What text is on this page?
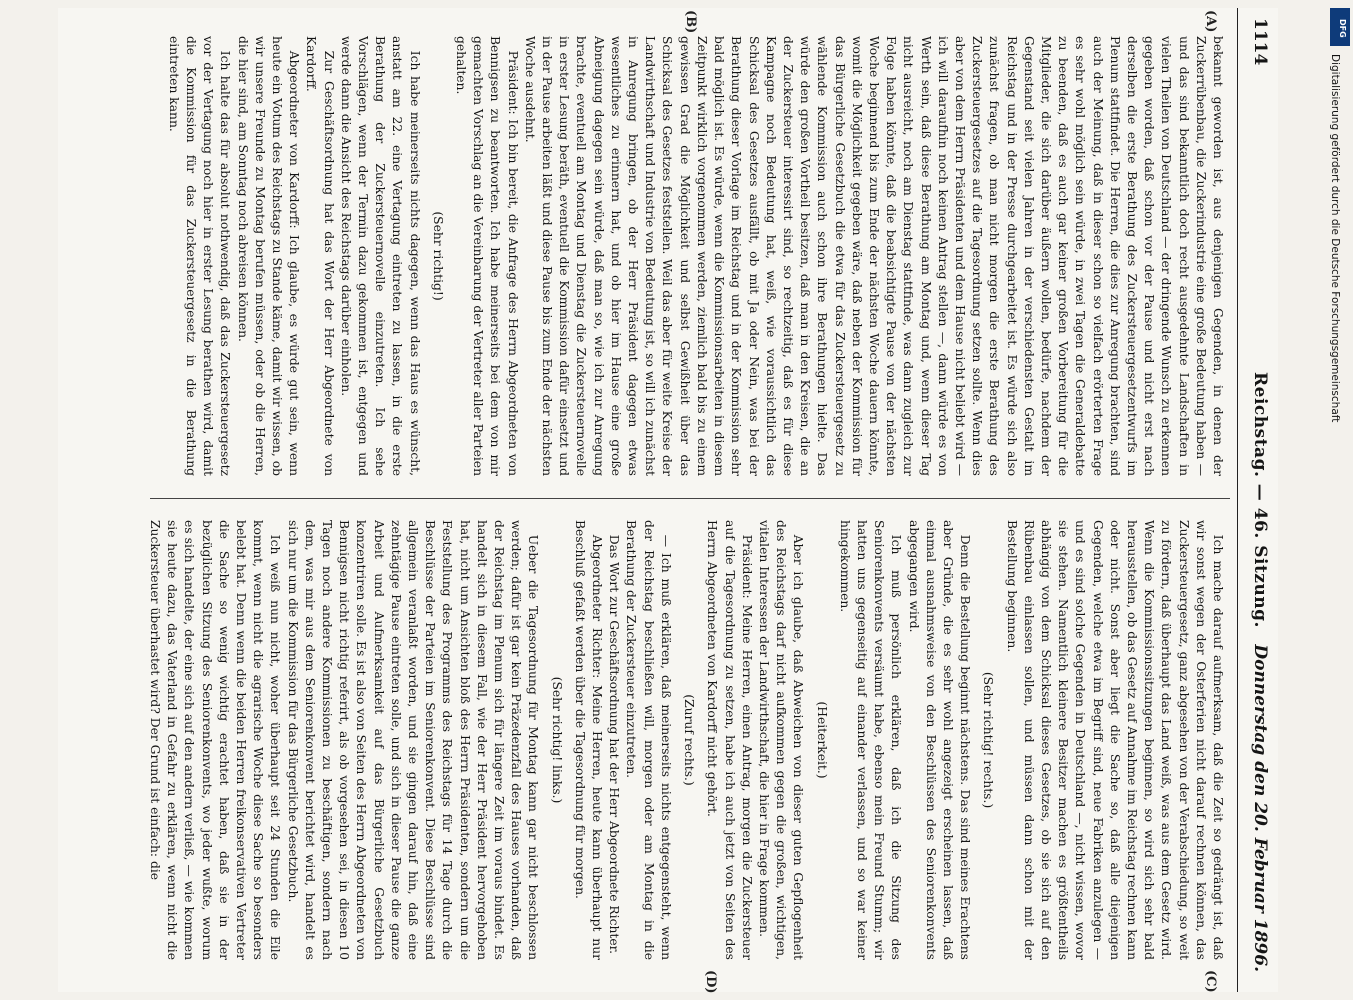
1114
Reichstag. — 46. Sitzung.
Donnerstag den 20. Februar 1896.
(A)
(B)
(C)
(D)

bekannt geworden ist, aus denjenigen Gegenden, in denen der Zuckerrübenbau, die Zuckerindustrie eine große Bedeutung haben — und das sind bekanntlich doch recht ausgedehnte Landschaften in vielen Theilen von Deutschland — der dringende Wunsch zu erkennen gegeben worden, daß schon vor der Pause und nicht erst nach derselben die erste Berathung des Zuckersteuergesetzentwurfs im Plenum stattfindet. Die Herren, die dies zur Anregung brachten, sind auch der Meinung, daß in dieser schon so vielfach erörterten Frage es sehr wohl möglich sein würde, in zwei Tagen die Generaldebatte zu beenden, daß es auch gar keiner großen Vorbereitung für die Mitglieder, die sich darüber äußern wollen, bedürfe, nachdem der Gegenstand seit vielen Jahren in der verschiedensten Gestalt im Reichstag und in der Presse durchgearbeitet ist. Es würde sich also zunächst fragen, ob man nicht morgen die erste Berathung des Zuckersteuergesetzes auf die Tagesordnung setzen sollte. Wenn dies aber von dem Herrn Präsidenten und dem Hause nicht beliebt wird — ich will daraufhin noch keinen Antrag stellen —, dann würde es von Werth sein, daß diese Berathung am Montag und, wenn dieser Tag nicht ausreicht, noch am Dienstag stattfinde, was dann zugleich zur Folge haben könnte, daß die beabsichtigte Pause von der nächsten Woche beginnend bis zum Ende der nächsten Woche dauern könnte, womit die Möglichkeit gegeben wäre, daß neben der Kommission für das Bürgerliche Gesetzbuch die etwa für das Zuckersteuergesetz zu wählende Kommission auch schon ihre Berathungen hielte. Das würde den großen Vortheil besitzen, daß man in den Kreisen, die an der Zuckersteuer interessirt sind, so rechtzeitig, daß es für diese Kampagne noch Bedeutung hat, weiß, wie voraussichtlich das Schicksal des Gesetzes ausfällt, ob mit Ja oder Nein, was bei der Berathung dieser Vorlage im Reichstag und in der Kommission sehr bald möglich ist. Es würde, wenn die Kommissionsarbeiten in diesem Zeitpunkt wirklich vorgenommen werden, ziemlich bald bis zu einem gewissen Grad die Möglichkeit und selbst Gewißheit über das Schicksal des Gesetzes feststellen. Weil das aber für weite Kreise der Landwirthschaft und Industrie von Bedeutung ist, so will ich zunächst in Anregung bringen, ob der Herr Präsident dagegen etwas wesentliches zu erinnern hat, und ob hier im Hause eine große Abneigung dagegen sein würde, daß man so, wie ich zur Anregung brachte, eventuell am Montag und Dienstag die Zuckersteuernovelle in erster Lesung beräth, eventuell die Kommission dafür einsetzt und in der Pause arbeiten läßt und diese Pause bis zum Ende der nächsten Woche ausdehnt.

Präsident: Ich bin bereit, die Anfrage des Herrn Abgeordneten von Bennigsen zu beantworten. Ich habe meinerseits bei dem von mir gemachten Vorschlag an die Vereinbarung der Vertreter aller Parteien gehalten.

(Sehr richtig!)

Ich habe meinerseits nichts dagegen, wenn das Haus es wünscht, anstatt am 22. eine Vertagung eintreten zu lassen, in die erste Berathung der Zuckersteuernovelle einzutreten. Ich sehe Vorschlägen, wenn der Termin dazu gekommen ist, entgegen und werde dann die Ansicht des Reichstags darüber einholen.

Zur Geschäftsordnung hat das Wort der Herr Abgeordnete von Kardorff.

Abgeordneter von Kardorff: Ich glaube, es würde gut sein, wenn heute ein Votum des Reichstags zu Stande käme, damit wir wissen, ob wir unsere Freunde zu Montag berufen müssen, oder ob die Herren, die hier sind, am Sonntag noch abreisen können.

Ich halte das für absolut nothwendig, daß das Zuckersteuergesetz vor der Vertagung noch hier in erster Lesung berathen wird, damit die Kommission für das Zuckersteuergesetz in die Berathung eintreten kann.

Ich mache darauf aufmerksam, daß die Zeit so gedrängt ist, daß wir sonst wegen der Osterferien nicht darauf rechnen können, das Zuckersteuergesetz, ganz abgesehen von der Verabschiedung, so weit zu fördern, daß überhaupt das Land weiß, was aus dem Gesetz wird. Wenn die Kommissionssitzungen beginnen, so wird sich sehr bald herausstellen, ob das Gesetz auf Annahme im Reichstag rechnen kann oder nicht. Sonst aber liegt die Sache so, daß alle diejenigen Gegenden, welche etwa im Begriff sind, neue Fabriken anzulegen — und es sind solche Gegenden in Deutschland —, nicht wissen, wovor sie stehen. Namentlich kleinere Besitzer machen es größtentheils abhängig von dem Schicksal dieses Gesetzes, ob sie sich auf den Rübenbau einlassen sollen, und müssen dann schon mit der Bestellung beginnen.

(Sehr richtig! rechts.)

Denn die Bestellung beginnt nächstens. Das sind meines Erachtens aber Gründe, die es sehr wohl angezeigt erscheinen lassen, daß einmal ausnahmsweise von den Beschlüssen des Seniorenkonvents abgegangen wird.

Ich muß persönlich erklären, daß ich die Sitzung des Seniorenkonvents versäumt habe, ebenso mein Freund Stumm; wir hatten uns gegenseitig auf einander verlassen, und so war keiner hingekommen.

(Heiterkeit.)

Aber ich glaube, daß Abweichen von dieser guten Gepflogenheit des Reichstags darf nicht aufkommen gegen die großen, wichtigen, vitalen Interessen der Landwirthschaft, die hier in Frage kommen.

Präsident: Meine Herren, einen Antrag, morgen die Zuckersteuer auf die Tagesordnung zu setzen, habe ich auch jetzt von Seiten des Herrn Abgeordneten von Kardorff nicht gehört.

(Zuruf rechts.)

— Ich muß erklären, daß meinerseits nichts entgegensteht, wenn der Reichstag beschließen will, morgen oder am Montag in die Berathung der Zuckersteuer einzutreten.

Das Wort zur Geschäftsordnung hat der Herr Abgeordnete Richter.

Abgeordneter Richter: Meine Herren, heute kann überhaupt nur Beschluß gefaßt werden über die Tagesordnung für morgen.

(Sehr richtig! links.)

Ueber die Tagesordnung für Montag kann gar nicht beschlossen werden; dafür ist gar kein Präzedenzfall des Hauses vorhanden, daß der Reichstag im Plenum sich für längere Zeit im voraus bindet. Es handelt sich in diesem Fall, wie der Herr Präsident hervorgehoben hat, nicht um Ansichten bloß des Herrn Präsidenten, sondern um die Feststellung des Programms des Reichstags für 14 Tage durch die Beschlüsse der Parteien im Seniorenkonvent. Diese Beschlüsse sind allgemein veranlaßt worden, und sie gingen darauf hin, daß eine zehntägige Pause eintreten solle, und sich in dieser Pause die ganze Arbeit und Aufmerksamkeit auf das Bürgerliche Gesetzbuch konzentriren solle. Es ist also von Seiten des Herrn Abgeordneten von Bennigsen nicht richtig referirt, als ob vorgesehen sei, in diesen 10 Tagen noch andere Kommissionen zu beschäftigen, sondern nach dem, was mir aus dem Seniorenkonvent berichtet wird, handelt es sich nur um die Kommission für das Bürgerliche Gesetzbuch.

Ich weiß nun nicht, woher überhaupt seit 24 Stunden die Eile kommt, wenn nicht die agrarische Woche diese Sache so besonders belebt hat. Denn wenn die beiden Herren freikonservativen Vertreter die Sache so wenig wichtig erachtet haben, daß sie in der bezüglichen Sitzung des Seniorenkonvents, wo jeder wußte, worum es sich handelte, der eine sich auf den andern verließ, — wie kommen sie heute dazu, das Vaterland in Gefahr zu erklären, wenn nicht die Zuckersteuer überhastet wird? Der Grund ist einfach: die

DFG
Digitalisierung gefördert durch die Deutsche Forschungsgemeinschaft
